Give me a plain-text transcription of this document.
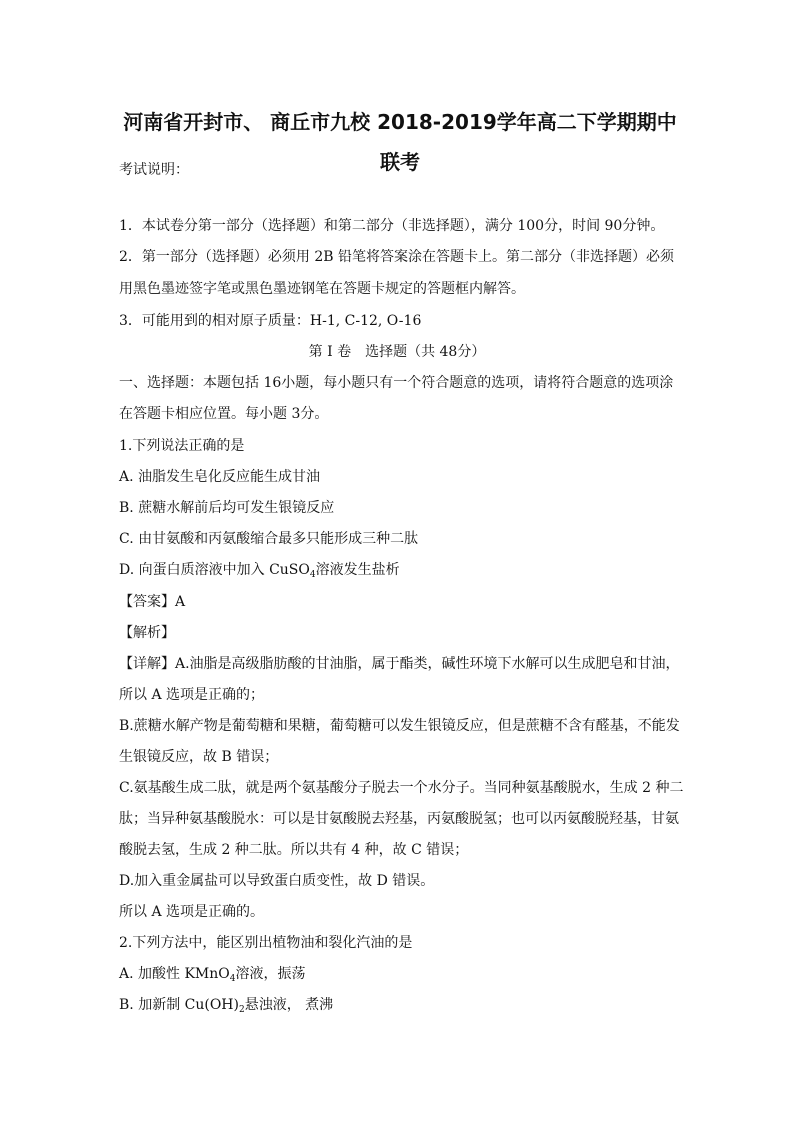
河南省开封市、 商丘市九校 2018-2019学年高二下学期期中
联考
考试说明：
1．本试卷分第一部分（选择题）和第二部分（非选择题），满分 100分，时间 90分钟。
2．第一部分（选择题）必须用 2B 铅笔将答案涂在答题卡上。第二部分（非选择题）必须
用黑色墨迹签字笔或黑色墨迹钢笔在答题卡规定的答题框内解答。
3．可能用到的相对原子质量：H-1, C-12, O-16
第 I 卷　选择题（共 48分）
一、选择题：本题包括 16小题，每小题只有一个符合题意的选项，请将符合题意的选项涂
在答题卡相应位置。每小题 3分。
1.下列说法正确的是
A. 油脂发生皂化反应能生成甘油
B. 蔗糖水解前后均可发生银镜反应
C. 由甘氨酸和丙氨酸缩合最多只能形成三种二肽
D. 向蛋白质溶液中加入 CuSO$_4$溶液发生盐析
【答案】A
【解析】
【详解】A.油脂是高级脂肪酸的甘油脂，属于酯类，碱性环境下水解可以生成肥皂和甘油，
所以 A 选项是正确的；
B.蔗糖水解产物是葡萄糖和果糖，葡萄糖可以发生银镜反应，但是蔗糖不含有醛基，不能发
生银镜反应，故 B 错误；
C.氨基酸生成二肽，就是两个氨基酸分子脱去一个水分子。当同种氨基酸脱水，生成 2 种二
肽；当异种氨基酸脱水：可以是甘氨酸脱去羟基，丙氨酸脱氢；也可以丙氨酸脱羟基，甘氨
酸脱去氢，生成 2 种二肽。所以共有 4 种，故 C 错误；
D.加入重金属盐可以导致蛋白质变性，故 D 错误。
所以 A 选项是正确的。
2.下列方法中，能区别出植物油和裂化汽油的是
A. 加酸性 KMnO$_4$溶液，振荡
B. 加新制 $Cu(OH)_2$悬浊液， 煮沸
